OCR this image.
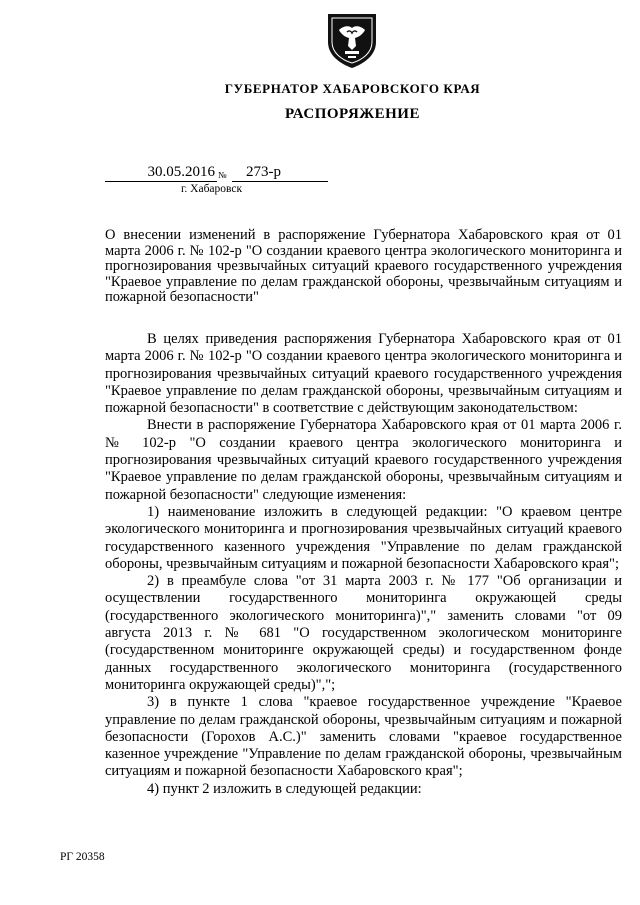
ГУБЕРНАТОР ХАБАРОВСКОГО КРАЯ
РАСПОРЯЖЕНИЕ
30.05.2016 №	273-р
г. Хабаровск
О внесении изменений в распоряжение Губернатора Хабаровского края от 01 марта 2006 г. № 102-р "О создании краевого центра экологического мониторинга и прогнозирования чрезвычайных ситуаций краевого государственного учреждения "Краевое управление по делам гражданской обороны, чрезвычайным ситуациям и пожарной безопасности"

В целях приведения распоряжения Губернатора Хабаровского края от 01 марта 2006 г. № 102-р "О создании краевого центра экологического мониторинга и прогнозирования чрезвычайных ситуаций краевого государственного учреждения "Краевое управление по делам гражданской обороны, чрезвычайным ситуациям и пожарной безопасности" в соответствие с действующим законодательством:

Внести в распоряжение Губернатора Хабаровского края от 01 марта 2006 г. № 102-р "О создании краевого центра экологического мониторинга и прогнозирования чрезвычайных ситуаций краевого государственного учреждения "Краевое управление по делам гражданской обороны, чрезвычайным ситуациям и пожарной безопасности" следующие изменения:

1) наименование изложить в следующей редакции: "О краевом центре экологического мониторинга и прогнозирования чрезвычайных ситуаций краевого государственного казенного учреждения "Управление по делам гражданской обороны, чрезвычайным ситуациям и пожарной безопасности Хабаровского края";

2) в преамбуле слова "от 31 марта 2003 г. № 177 "Об организации и осуществлении государственного мониторинга окружающей среды (государственного экологического мониторинга)"," заменить словами "от 09 августа 2013 г. № 681 "О государственном экологическом мониторинге (государственном мониторинге окружающей среды) и государственном фонде данных государственного экологического мониторинга (государственного мониторинга окружающей среды)",";

3) в пункте 1 слова "краевое государственное учреждение "Краевое управление по делам гражданской обороны, чрезвычайным ситуациям и пожарной безопасности (Горохов А.С.)" заменить словами "краевое государственное казенное учреждение "Управление по делам гражданской обороны, чрезвычайным ситуациям и пожарной безопасности Хабаровского края";

4) пункт 2 изложить в следующей редакции:

РГ 20358
